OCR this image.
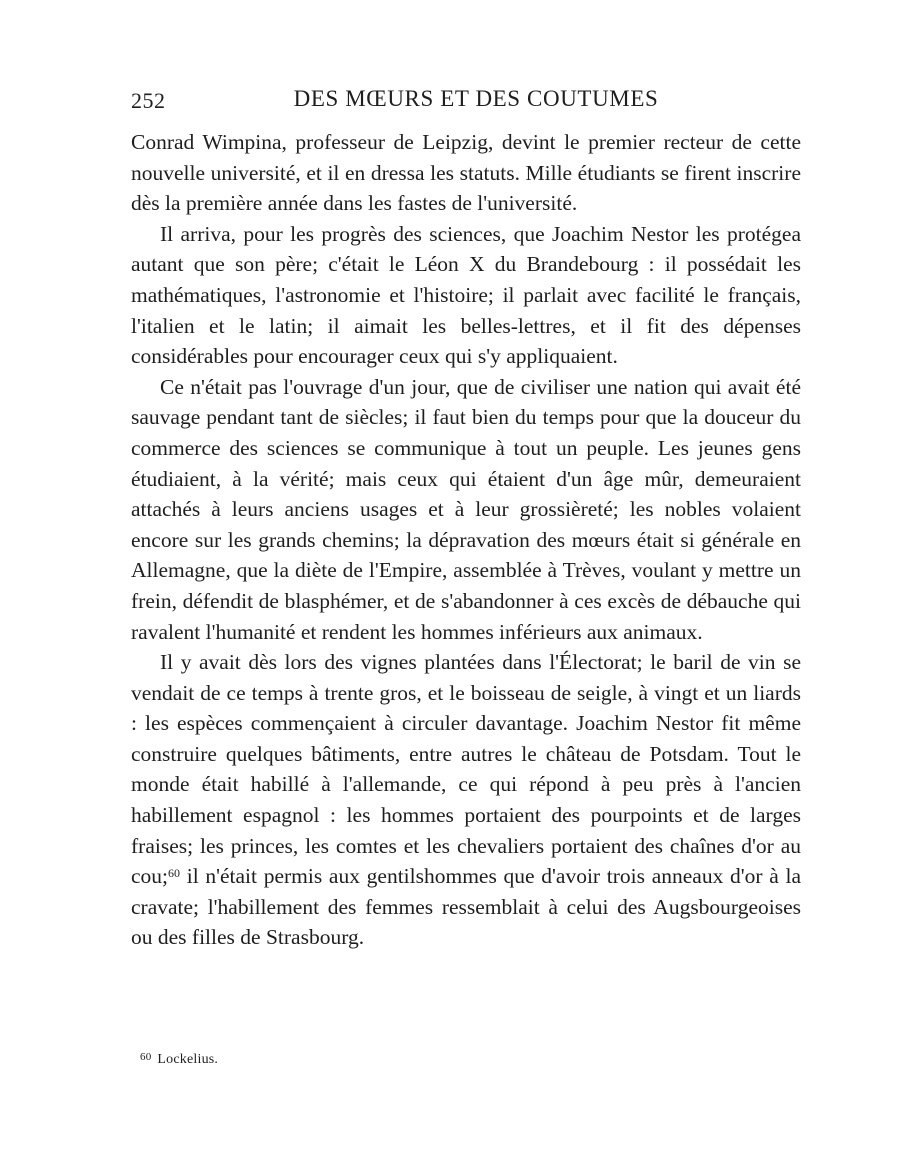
252	DES MŒURS ET DES COUTUMES

Conrad Wimpina, professeur de Leipzig, devint le premier recteur de cette nouvelle université, et il en dressa les statuts. Mille étudiants se firent inscrire dès la première année dans les fastes de l'université.

Il arriva, pour les progrès des sciences, que Joachim Nestor les protégea autant que son père; c'était le Léon X du Brandebourg : il possédait les mathématiques, l'astronomie et l'histoire; il parlait avec facilité le français, l'italien et le latin; il aimait les belles-lettres, et il fit des dépenses considérables pour encourager ceux qui s'y appliquaient.

Ce n'était pas l'ouvrage d'un jour, que de civiliser une nation qui avait été sauvage pendant tant de siècles; il faut bien du temps pour que la douceur du commerce des sciences se communique à tout un peuple. Les jeunes gens étudiaient, à la vérité; mais ceux qui étaient d'un âge mûr, demeuraient attachés à leurs anciens usages et à leur grossièreté; les nobles volaient encore sur les grands chemins; la dépravation des mœurs était si générale en Allemagne, que la diète de l'Empire, assemblée à Trèves, voulant y mettre un frein, défendit de blasphémer, et de s'abandonner à ces excès de débauche qui ravalent l'humanité et rendent les hommes inférieurs aux animaux.

Il y avait dès lors des vignes plantées dans l'Électorat; le baril de vin se vendait de ce temps à trente gros, et le boisseau de seigle, à vingt et un liards : les espèces commençaient à circuler davantage. Joachim Nestor fit même construire quelques bâtiments, entre autres le château de Potsdam. Tout le monde était habillé à l'allemande, ce qui répond à peu près à l'ancien habillement espagnol : les hommes portaient des pourpoints et de larges fraises; les princes, les comtes et les chevaliers portaient des chaînes d'or au cou;$^{60}$ il n'était permis aux gentilshommes que d'avoir trois anneaux d'or à la cravate; l'habillement des femmes ressemblait à celui des Augsbourgeoises ou des filles de Strasbourg.

$^{60}$ Lockelius.
